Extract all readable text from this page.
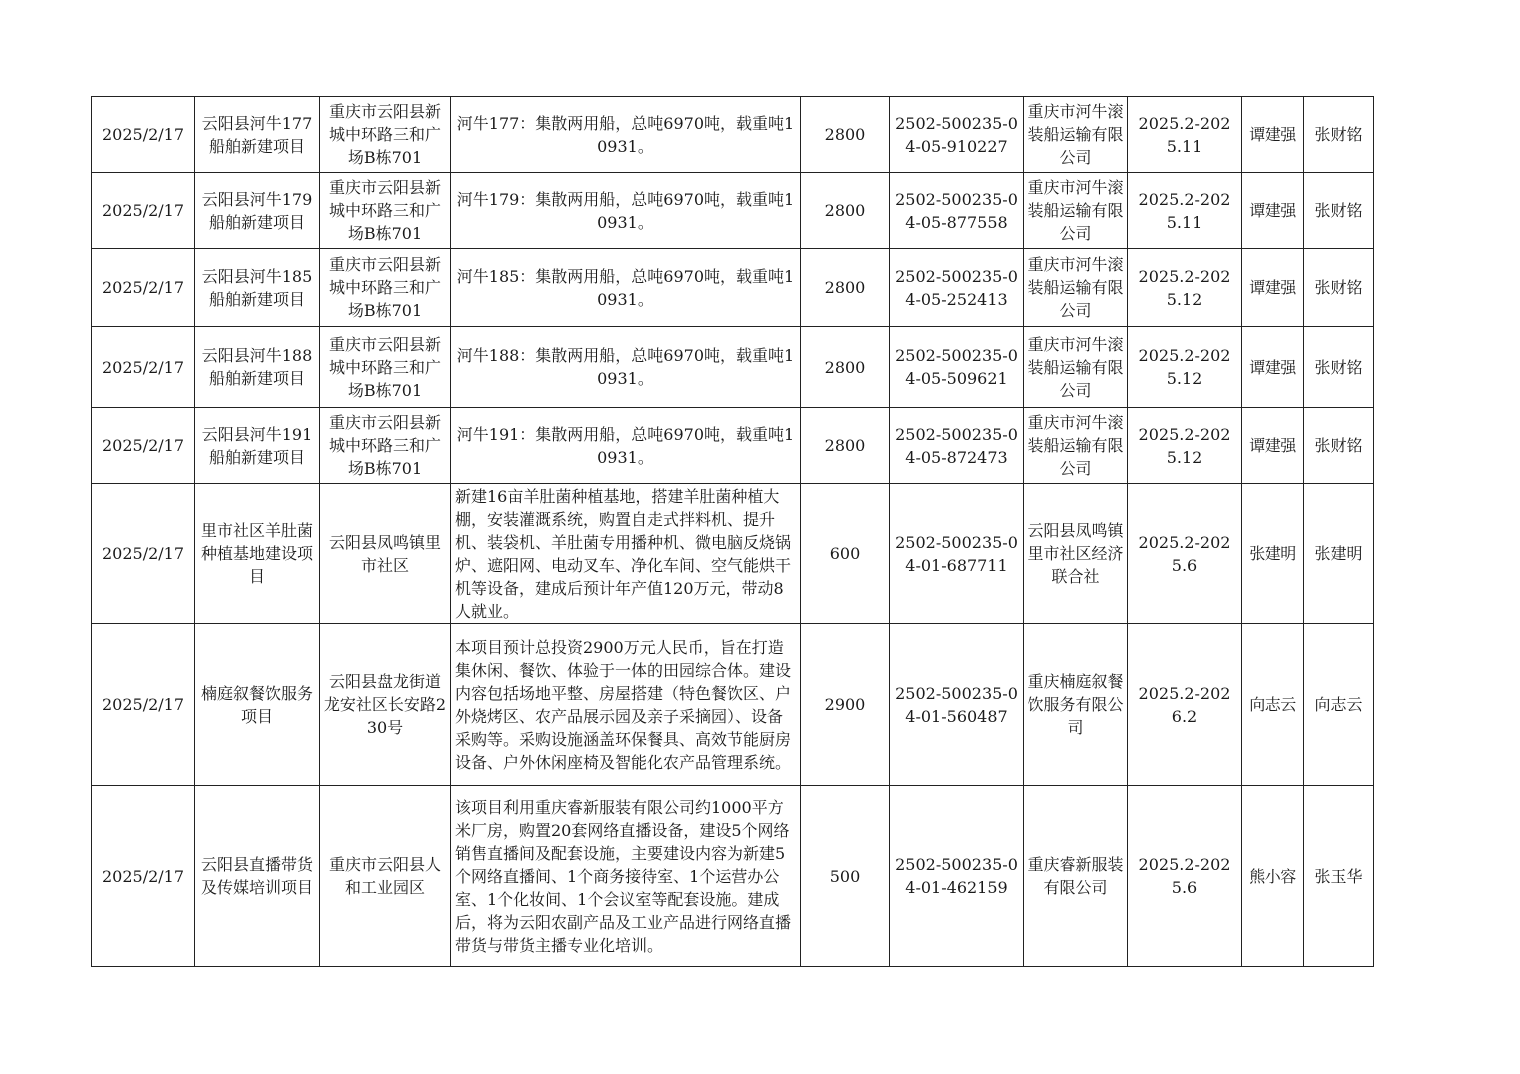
2025/2/17	云阳县河牛177船舶新建项目	重庆市云阳县新城中环路三和广场B栋701	河牛177：集散两用船，总吨6970吨，载重吨10931。	2800	2502-500235-04-05-910227	重庆市河牛滚装船运输有限公司	2025.2-2025.11	谭建强	张财铭
2025/2/17	云阳县河牛179船舶新建项目	重庆市云阳县新城中环路三和广场B栋701	河牛179：集散两用船，总吨6970吨，载重吨10931。	2800	2502-500235-04-05-877558	重庆市河牛滚装船运输有限公司	2025.2-2025.11	谭建强	张财铭
2025/2/17	云阳县河牛185船舶新建项目	重庆市云阳县新城中环路三和广场B栋701	河牛185：集散两用船，总吨6970吨，载重吨10931。	2800	2502-500235-04-05-252413	重庆市河牛滚装船运输有限公司	2025.2-2025.12	谭建强	张财铭
2025/2/17	云阳县河牛188船舶新建项目	重庆市云阳县新城中环路三和广场B栋701	河牛188：集散两用船，总吨6970吨，载重吨10931。	2800	2502-500235-04-05-509621	重庆市河牛滚装船运输有限公司	2025.2-2025.12	谭建强	张财铭
2025/2/17	云阳县河牛191船舶新建项目	重庆市云阳县新城中环路三和广场B栋701	河牛191：集散两用船，总吨6970吨，载重吨10931。	2800	2502-500235-04-05-872473	重庆市河牛滚装船运输有限公司	2025.2-2025.12	谭建强	张财铭
2025/2/17	里市社区羊肚菌种植基地建设项目	云阳县凤鸣镇里市社区	新建16亩羊肚菌种植基地，搭建羊肚菌种植大棚，安装灌溉系统，购置自走式拌料机、提升机、装袋机、羊肚菌专用播种机、微电脑反烧锅炉、遮阳网、电动叉车、净化车间、空气能烘干机等设备，建成后预计年产值120万元，带动8人就业。	600	2502-500235-04-01-687711	云阳县凤鸣镇里市社区经济联合社	2025.2-2025.6	张建明	张建明
2025/2/17	楠庭叙餐饮服务项目	云阳县盘龙街道龙安社区长安路230号	本项目预计总投资2900万元人民币，旨在打造集休闲、餐饮、体验于一体的田园综合体。建设内容包括场地平整、房屋搭建（特色餐饮区、户外烧烤区、农产品展示园及亲子采摘园）、设备采购等。采购设施涵盖环保餐具、高效节能厨房设备、户外休闲座椅及智能化农产品管理系统。	2900	2502-500235-04-01-560487	重庆楠庭叙餐饮服务有限公司	2025.2-2026.2	向志云	向志云
2025/2/17	云阳县直播带货及传媒培训项目	重庆市云阳县人和工业园区	该项目利用重庆睿新服装有限公司约1000平方米厂房，购置20套网络直播设备，建设5个网络销售直播间及配套设施，主要建设内容为新建5个网络直播间、1个商务接待室、1个运营办公室、1个化妆间、1个会议室等配套设施。建成后，将为云阳农副产品及工业产品进行网络直播带货与带货主播专业化培训。	500	2502-500235-04-01-462159	重庆睿新服装有限公司	2025.2-2025.6	熊小容	张玉华
